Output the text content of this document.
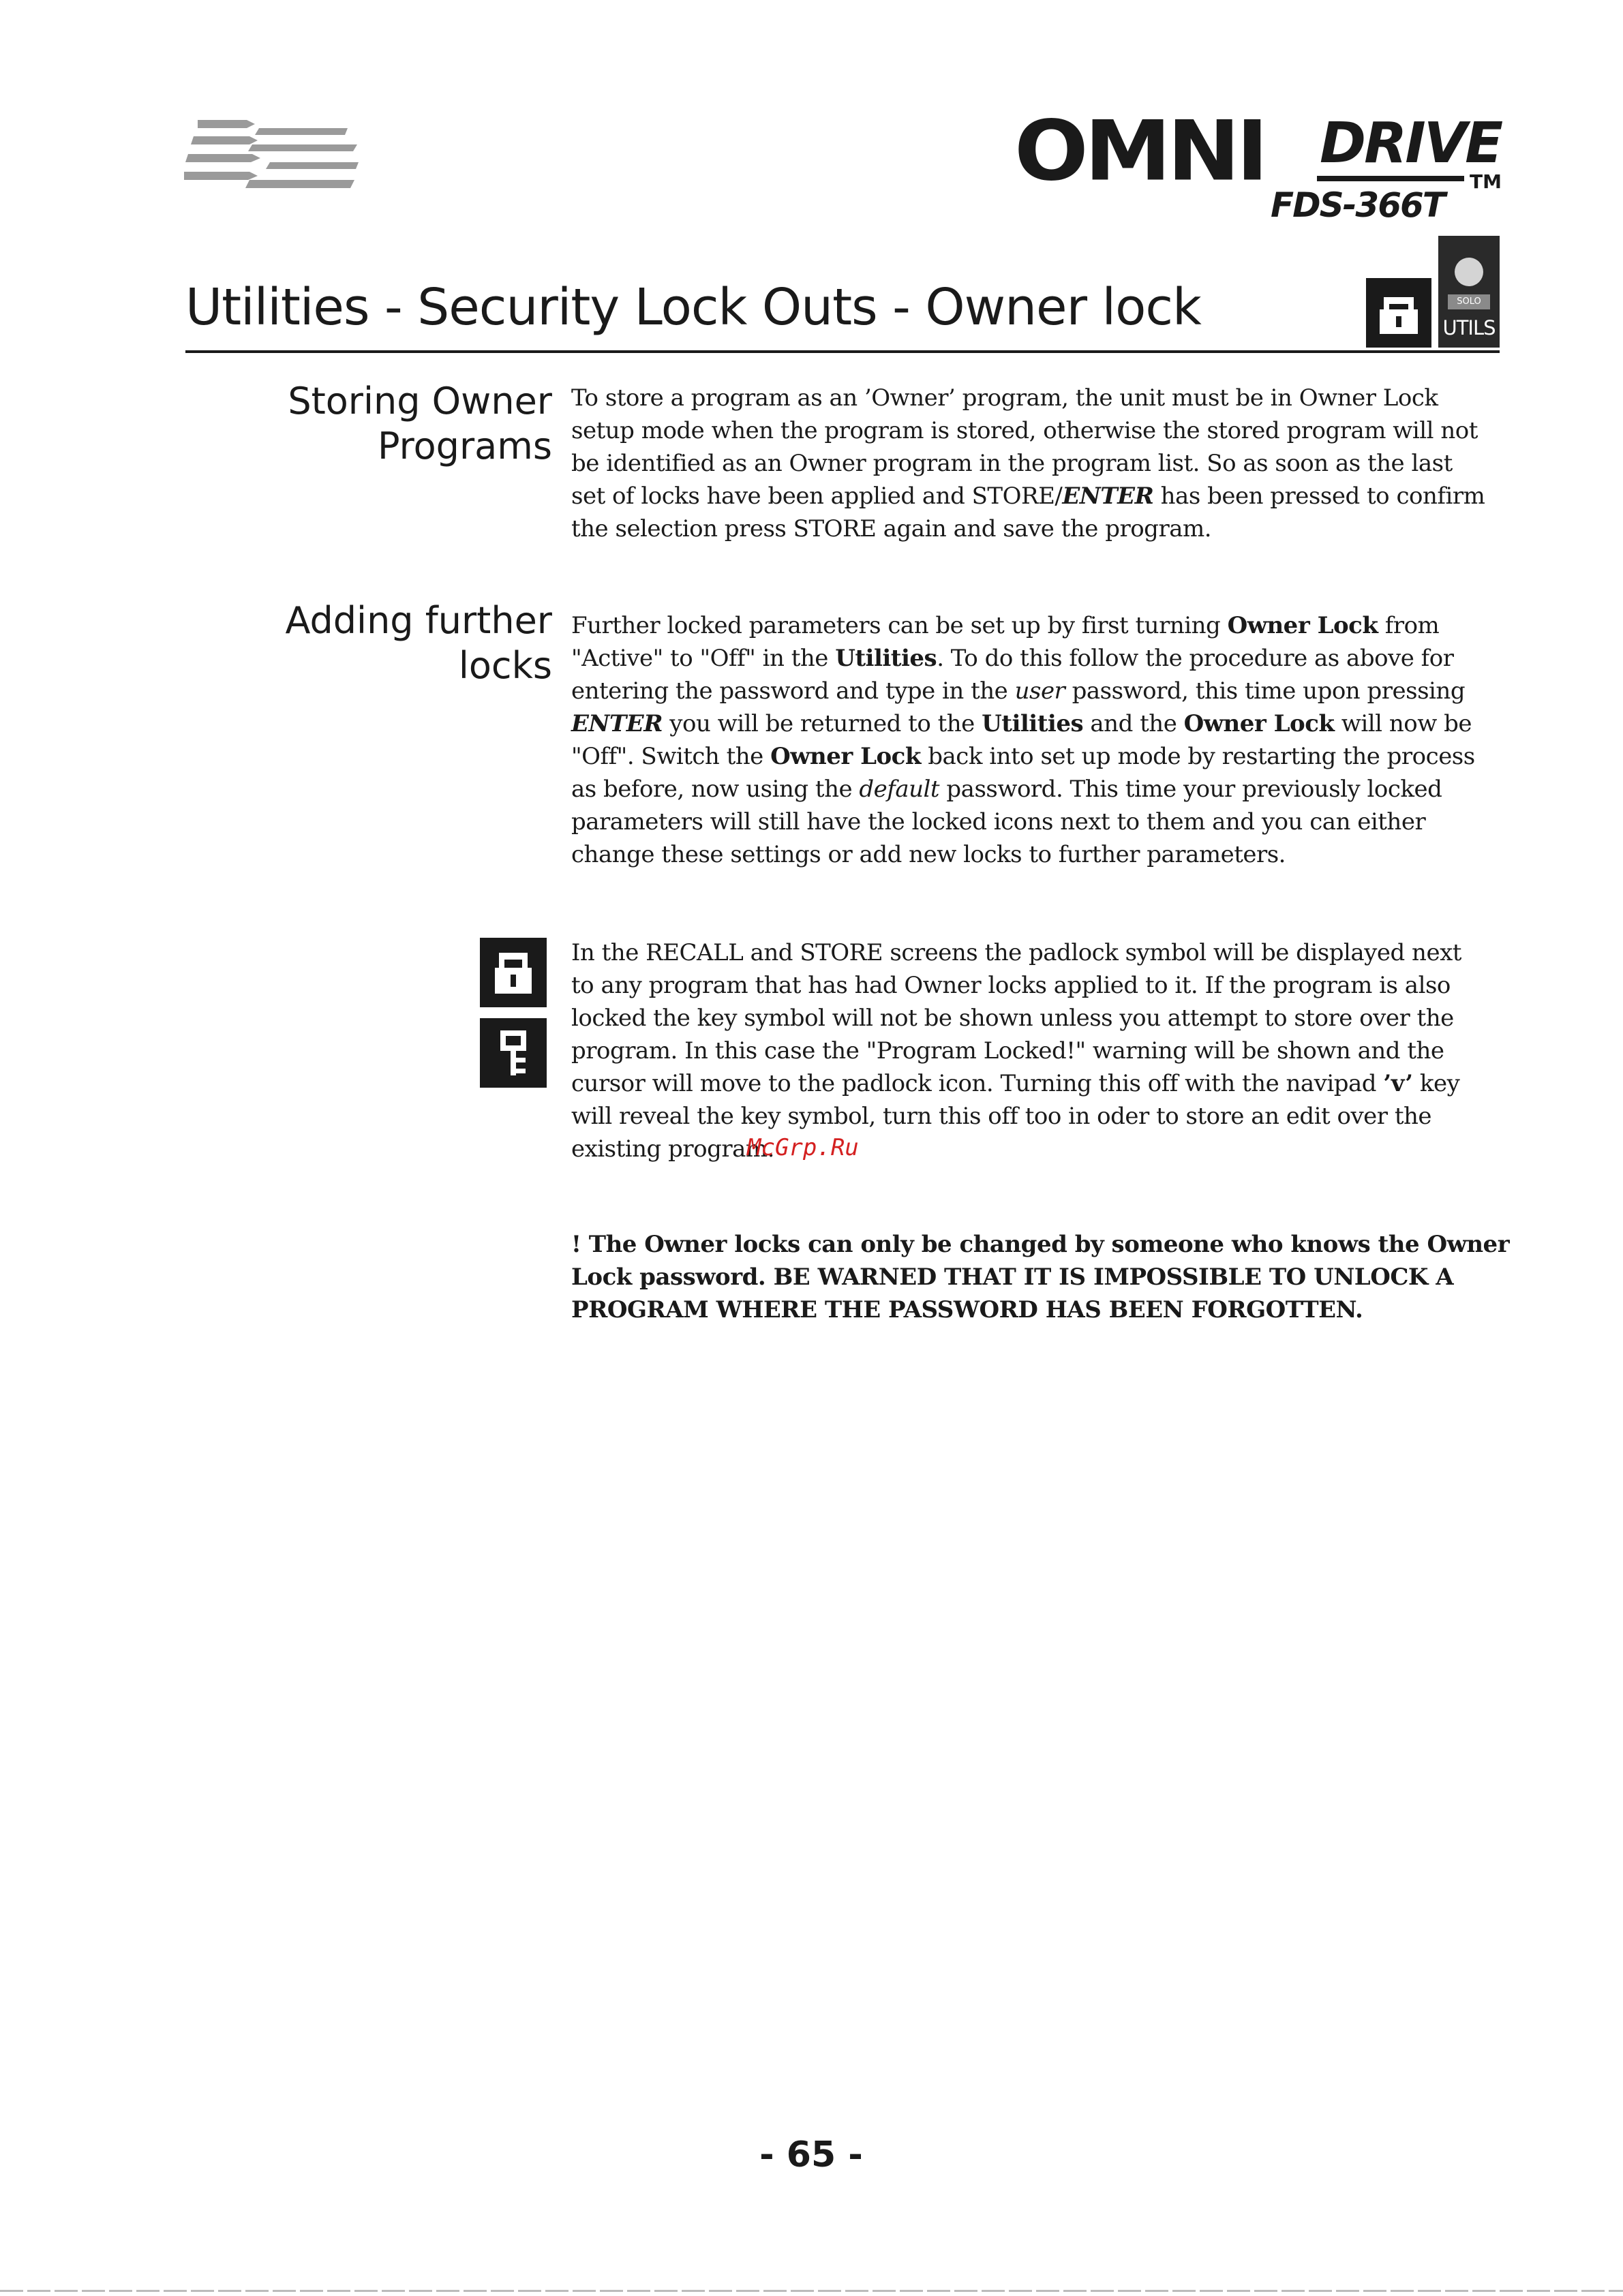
OMNI DRIVE
TM
FDS-366T
Utilities - Security Lock Outs - Owner lock	SOLO
UTILS
Storing Owner
Programs
To store a program as an ’Owner’ program, the unit must be in Owner Lock
setup mode when the program is stored, otherwise the stored program will not
be identified as an Owner program in the program list. So as soon as the last
set of locks have been applied and STORE/ENTER has been pressed to confirm
the selection press STORE again and save the program.
Adding further
locks
Further locked parameters can be set up by first turning Owner Lock from
"Active" to "Off" in the Utilities. To do this follow the procedure as above for
entering the password and type in the user password, this time upon pressing
ENTER you will be returned to the Utilities and the Owner Lock will now be
"Off". Switch the Owner Lock back into set up mode by restarting the process
as before, now using the default password. This time your previously locked
parameters will still have the locked icons next to them and you can either
change these settings or add new locks to further parameters.
In the RECALL and STORE screens the padlock symbol will be displayed next
to any program that has had Owner locks applied to it. If the program is also
locked the key symbol will not be shown unless you attempt to store over the
program. In this case the "Program Locked!" warning will be shown and the
cursor will move to the padlock icon. Turning this off with the navipad ’v’ key
will reveal the key symbol, turn this off too in oder to store an edit over the
existing program.
McGrp.Ru
! The Owner locks can only be changed by someone who knows the Owner
Lock password. BE WARNED THAT IT IS IMPOSSIBLE TO UNLOCK A
PROGRAM WHERE THE PASSWORD HAS BEEN FORGOTTEN.
- 65 -
